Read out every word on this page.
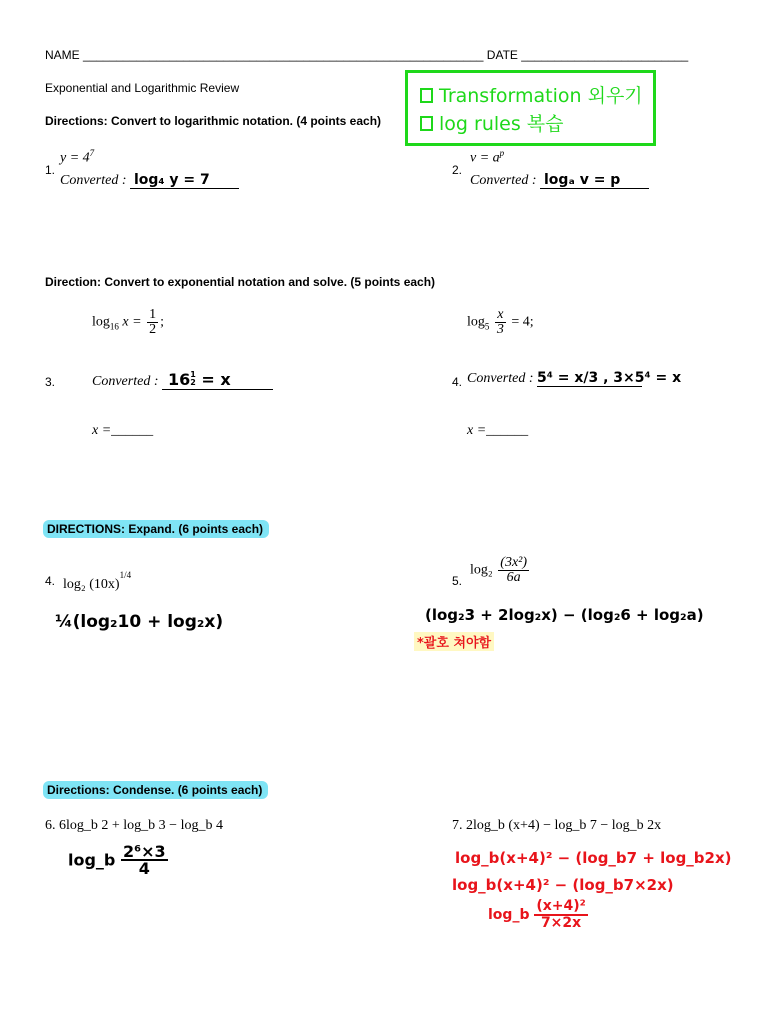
NAME ____________________________________________________________ DATE _________________________
Exponential and Logarithmic Review	Transformation 외우기
log rules 복습
Directions: Convert to logarithmic notation. (4 points each)
$y = 4^7$
1.
Converted : log₄ y = 7
$v = a^p$
2.
Converted : logₐ v = p
Direction: Convert to exponential notation and solve. (5 points each)
$\log_{16} x = \frac{1}{2}$ ;	$\log_5 \frac{x}{3} = 4$;
3.	Converted : 16 $^{1 2}$ = x	4. Converted : 5⁴ = x/3 , 3×5⁴ = x
x =______	x =______
DIRECTIONS: Expand. (6 points each)
4. log₂ $(10x)^{1/4}$
¼(log₂10 + log₂x)
5.
$\log_2 \frac{\text{(3x²)}}{6a}$
(log₂3 + 2log₂x) − (log₂6 + log₂a)
*괄호 쳐야함
Directions: Condense. (6 points each)
6. 6log_b 2 + log_b 3 − log_b 4
log_b $\frac{\text{2⁶×3}}{4}$
7. 2log_b (x+4) − log_b 7 − log_b 2x
log_b(x+4)² − (log_b7 + log_b2x)
log_b(x+4)² − (log_b7×2x)
log_b $\frac{\text{(x+4)²}}{7\times 2x}$
